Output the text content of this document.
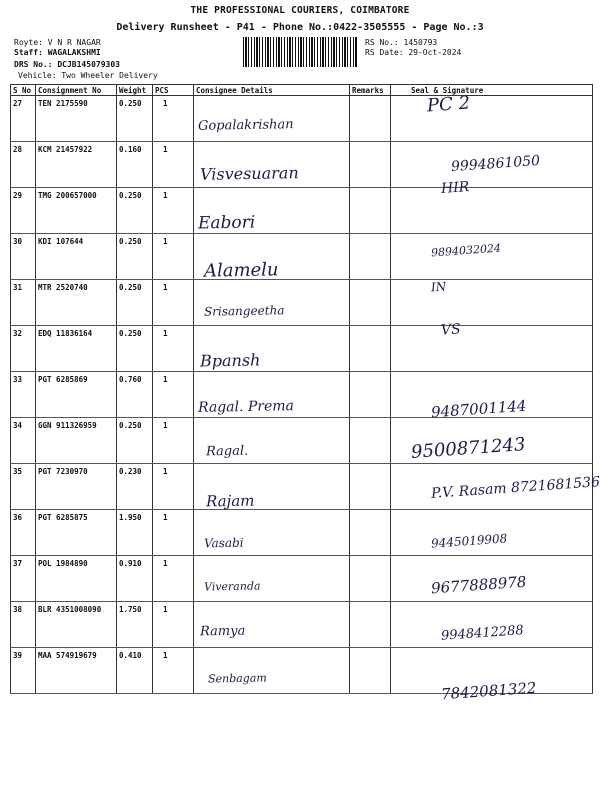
THE PROFESSIONAL COURIERS, COIMBATORE
Delivery Runsheet - P41 - Phone No.:0422-3505555 - Page No.:3
Royte: V N R NAGAR
Staff: WAGALAKSHMI
DRS No.: DCJB145079303
Vehicle: Two Wheeler Delivery
RS No.: 1450793
RS Date: 29-Oct-2024
S No	Consignment No	Weight	PCS	Consignee Details	Remarks	Seal & Signature
27	TEN 2175590	0.250	1	Gopalakrishan		PC 2

28	KCM 21457922	0.160	1	Visvesuaran		9994861050

29	TMG 200657000	0.250	1	Eabori		HIR

30	KDI 107644	0.250	1	Alamelu		9894032024

31	MTR 2520740	0.250	1	Srisangeetha		IN

32	EDQ 11836164	0.250	1	Bpansh		VS

33	PGT 6285869	0.760	1	Ragal. Prema		9487001144

34	GGN 911326959	0.250	1	Ragal.		9500871243

35	PGT 7230970	0.230	1	Rajam		P.V. Rasam 8721681536

36	PGT 6285875	1.950	1	Vasabi		9445019908

37	POL 1984890	0.910	1	Viveranda		9677888978

38	BLR 4351008090	1.750	1	Ramya		9948412288

39	MAA 574919679	0.410	1	Senbagam		7842081322
